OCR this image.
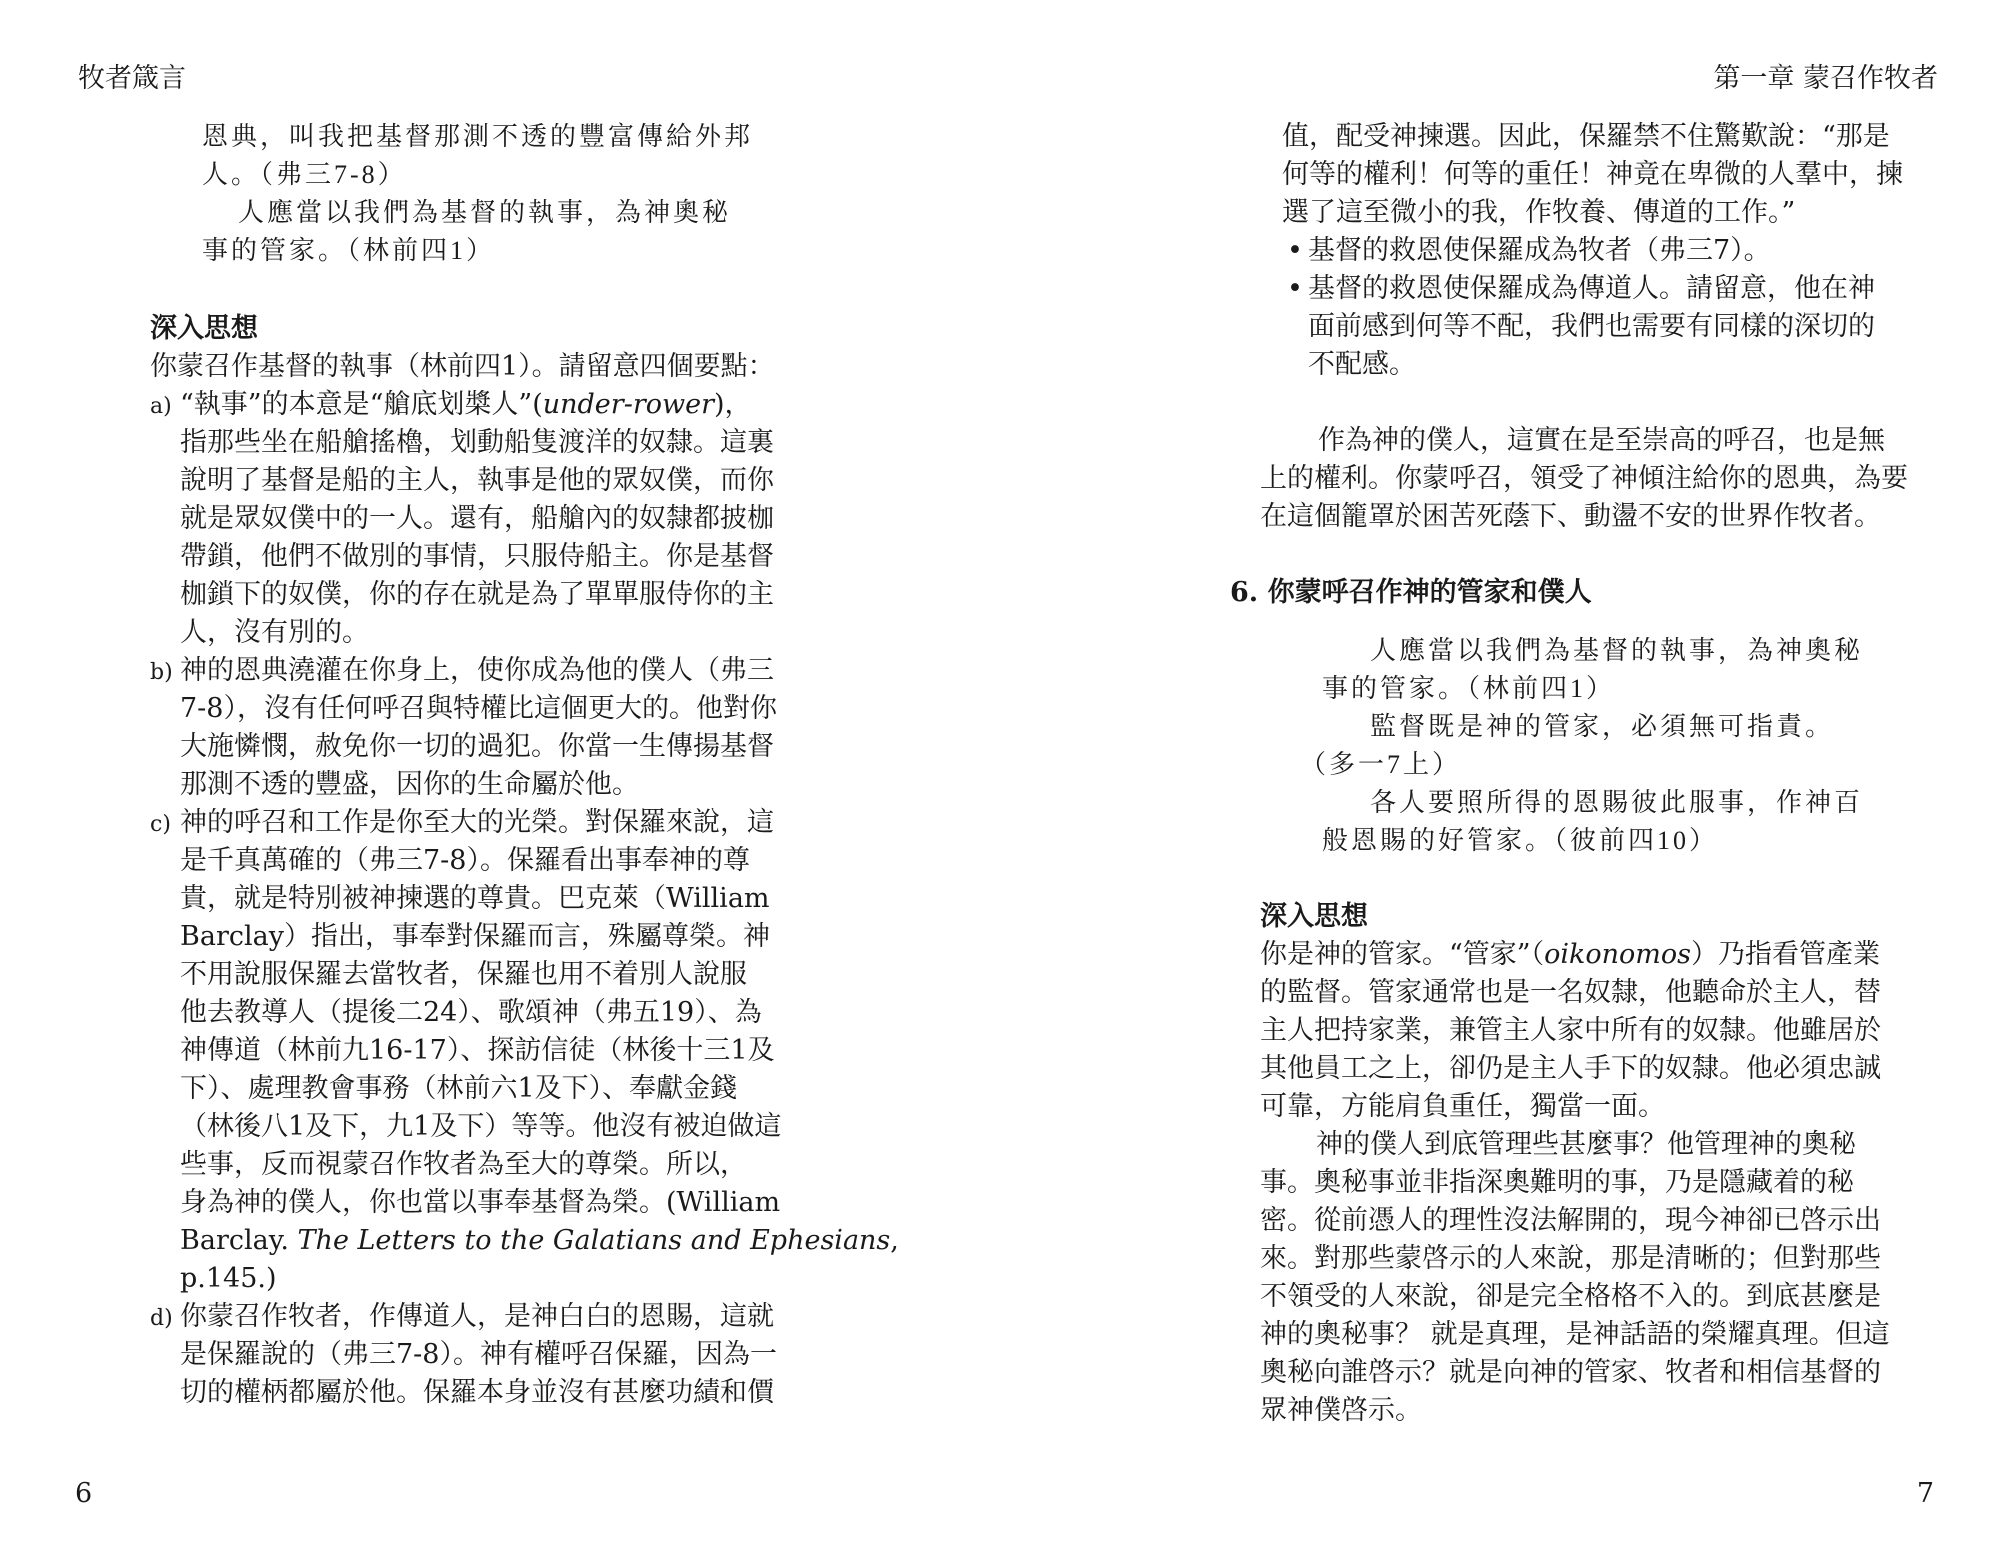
牧者箴言
恩典，叫我把基督那測不透的豐富傳給外邦
人。（弗三7-8）
人應當以我們為基督的執事，為神奧秘
事的管家。（林前四1）
深入思想
你蒙召作基督的執事（林前四1）。請留意四個要點：
a) “執事”的本意是“艙底划槳人”(under-rower)，
指那些坐在船艙搖櫓，划動船隻渡洋的奴隸。這裏
說明了基督是船的主人，執事是他的眾奴僕，而你
就是眾奴僕中的一人。還有，船艙內的奴隸都披枷
帶鎖，他們不做別的事情，只服侍船主。你是基督
枷鎖下的奴僕，你的存在就是為了單單服侍你的主
人，沒有別的。
b) 神的恩典澆灌在你身上，使你成為他的僕人（弗三
7-8），沒有任何呼召與特權比這個更大的。他對你
大施憐憫，赦免你一切的過犯。你當一生傳揚基督
那測不透的豐盛，因你的生命屬於他。
c) 神的呼召和工作是你至大的光榮。對保羅來說，這
是千真萬確的（弗三7-8）。保羅看出事奉神的尊
貴，就是特別被神揀選的尊貴。巴克萊（William
Barclay）指出，事奉對保羅而言，殊屬尊榮。神
不用說服保羅去當牧者，保羅也用不着別人說服
他去教導人（提後二24）、歌頌神（弗五19）、為
神傳道（林前九16-17）、探訪信徒（林後十三1及
下）、處理教會事務（林前六1及下）、奉獻金錢
（林後八1及下，九1及下）等等。他沒有被迫做這
些事，反而視蒙召作牧者為至大的尊榮。所以，
身為神的僕人，你也當以事奉基督為榮。(William
Barclay. The Letters to the Galatians and Ephesians,
p.145.)
d) 你蒙召作牧者，作傳道人，是神白白的恩賜，這就
是保羅說的（弗三7-8）。神有權呼召保羅，因為一
切的權柄都屬於他。保羅本身並沒有甚麼功績和價
6
第一章 蒙召作牧者
值，配受神揀選。因此，保羅禁不住驚歎說：“那是
何等的權利！何等的重任！神竟在卑微的人羣中，揀
選了這至微小的我，作牧養、傳道的工作。”
• 基督的救恩使保羅成為牧者（弗三7）。
• 基督的救恩使保羅成為傳道人。請留意，他在神
面前感到何等不配，我們也需要有同樣的深切的
不配感。
作為神的僕人，這實在是至崇高的呼召，也是無
上的權利。你蒙呼召，領受了神傾注給你的恩典，為要
在這個籠罩於困苦死蔭下、動盪不安的世界作牧者。
6. 你蒙呼召作神的管家和僕人
人應當以我們為基督的執事，為神奧秘
事的管家。（林前四1）
監督既是神的管家，必須無可指責。
（多一7上）
各人要照所得的恩賜彼此服事，作神百
般恩賜的好管家。（彼前四10）
深入思想
你是神的管家。“管家”（oikonomos）乃指看管產業
的監督。管家通常也是一名奴隸，他聽命於主人，替
主人把持家業，兼管主人家中所有的奴隸。他雖居於
其他員工之上，卻仍是主人手下的奴隸。他必須忠誠
可靠，方能肩負重任，獨當一面。
神的僕人到底管理些甚麼事？他管理神的奧秘
事。奧秘事並非指深奧難明的事，乃是隱藏着的秘
密。從前憑人的理性沒法解開的，現今神卻已啓示出
來。對那些蒙啓示的人來說，那是清晰的；但對那些
不領受的人來說，卻是完全格格不入的。到底甚麼是
神的奧秘事？ 就是真理，是神話語的榮耀真理。但這
奧秘向誰啓示？就是向神的管家、牧者和相信基督的
眾神僕啓示。
7
